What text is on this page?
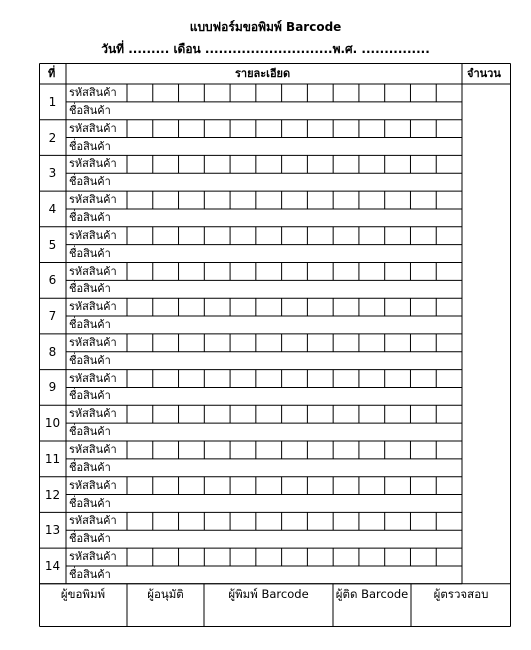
แบบฟอร์มขอพิมพ์ Barcode
วันที่ ......... เดือน ............................พ.ศ. ...............
ที่	รายละเอียด	จำนวน
1
รหัสสินค้า
ชื่อสินค้า
2
รหัสสินค้า
ชื่อสินค้า
3
รหัสสินค้า
ชื่อสินค้า
4
รหัสสินค้า
ชื่อสินค้า
5
รหัสสินค้า
ชื่อสินค้า
6
รหัสสินค้า
ชื่อสินค้า
7
รหัสสินค้า
ชื่อสินค้า
8
รหัสสินค้า
ชื่อสินค้า
9
รหัสสินค้า
ชื่อสินค้า
10
รหัสสินค้า
ชื่อสินค้า
11
รหัสสินค้า
ชื่อสินค้า
12
รหัสสินค้า
ชื่อสินค้า
13
รหัสสินค้า
ชื่อสินค้า
14
รหัสสินค้า
ชื่อสินค้า
ผู้ขอพิมพ์	ผู้อนุมัติ	ผู้พิมพ์ Barcode	ผู้ติด Barcode	ผู้ตรวจสอบ
